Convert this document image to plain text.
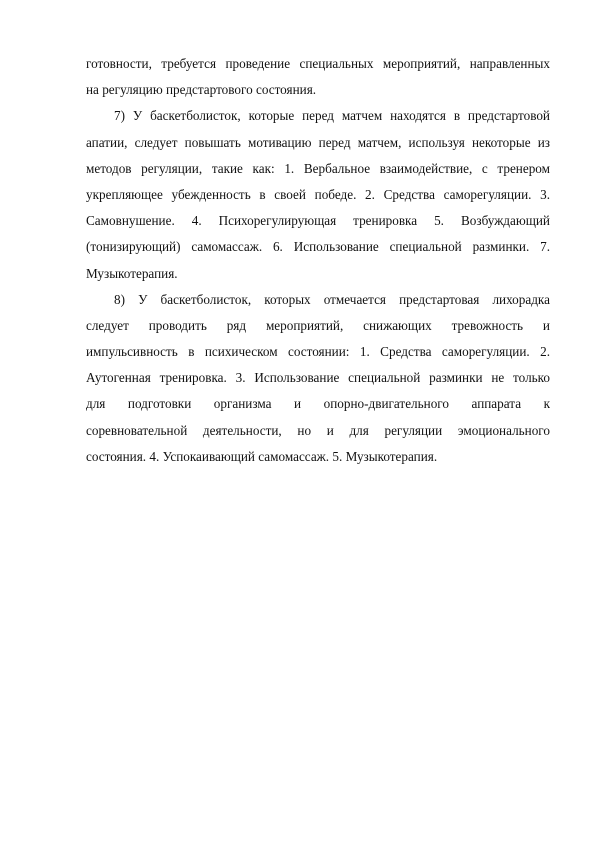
готовности, требуется проведение специальных мероприятий, направленных
на регуляцию предстартового состояния.
7) У баскетболисток, которые перед матчем находятся в предстартовой
апатии, следует повышать мотивацию перед матчем, используя некоторые из
методов регуляции, такие как: 1. Вербальное взаимодействие, с тренером
укрепляющее убежденность в своей победе. 2. Средства саморегуляции. 3.
Самовнушение. 4. Психорегулирующая тренировка 5. Возбуждающий
(тонизирующий) самомассаж. 6. Использование специальной разминки. 7.
Музыкотерапия.
8) У баскетболисток, которых отмечается предстартовая лихорадка
следует проводить ряд мероприятий, снижающих тревожность и
импульсивность в психическом состоянии: 1. Средства саморегуляции. 2.
Аутогенная тренировка. 3. Использование специальной разминки не только
для подготовки организма и опорно-двигательного аппарата к
соревновательной деятельности, но и для регуляции эмоционального
состояния. 4. Успокаивающий самомассаж. 5. Музыкотерапия.
